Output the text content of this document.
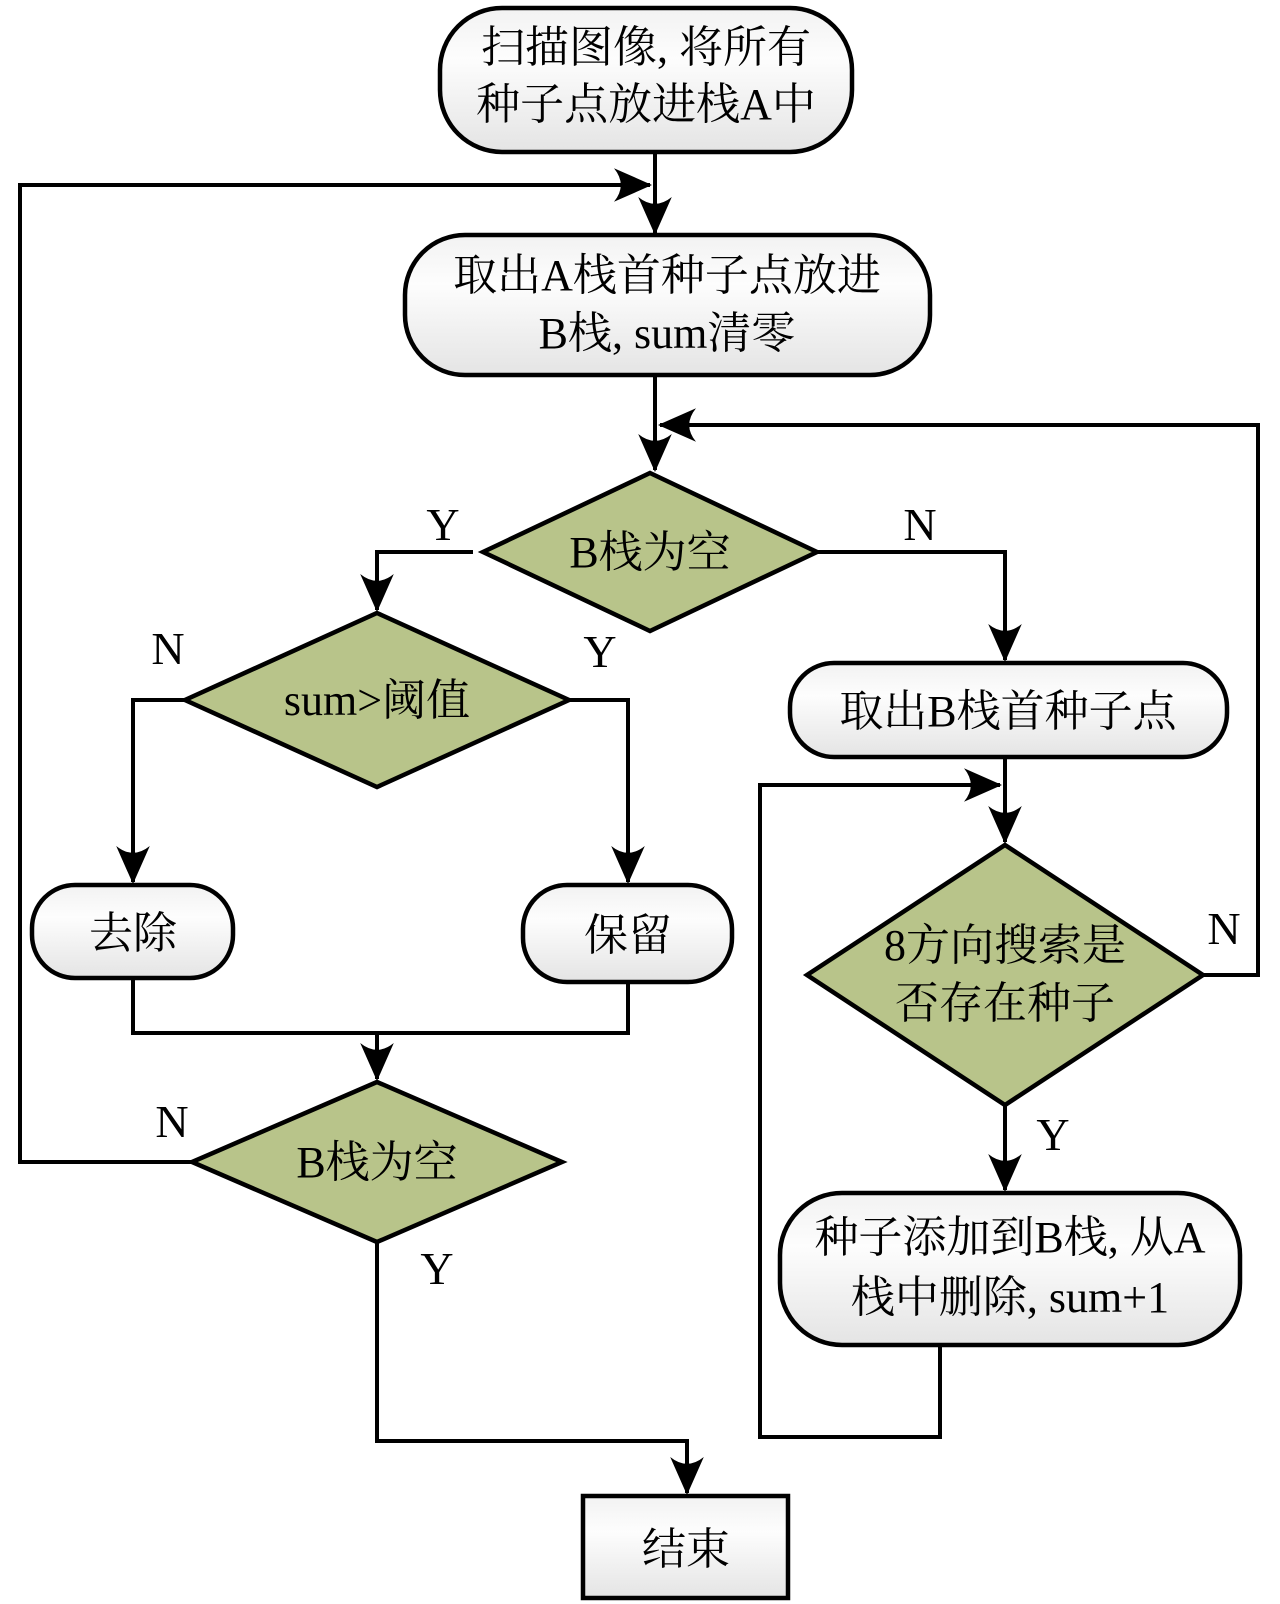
扫描图像, 将所有
种子点放进栈A中
取出A栈首种子点放进
B栈, sum清零
B栈为空
sum>阈值	取出B栈首种子点
8方向搜索是
否存在种子
种子添加到B栈, 从A
栈中删除, sum+1
去除	保留
B栈为空
结束
Y	N
N	Y
N
Y
N
Y
